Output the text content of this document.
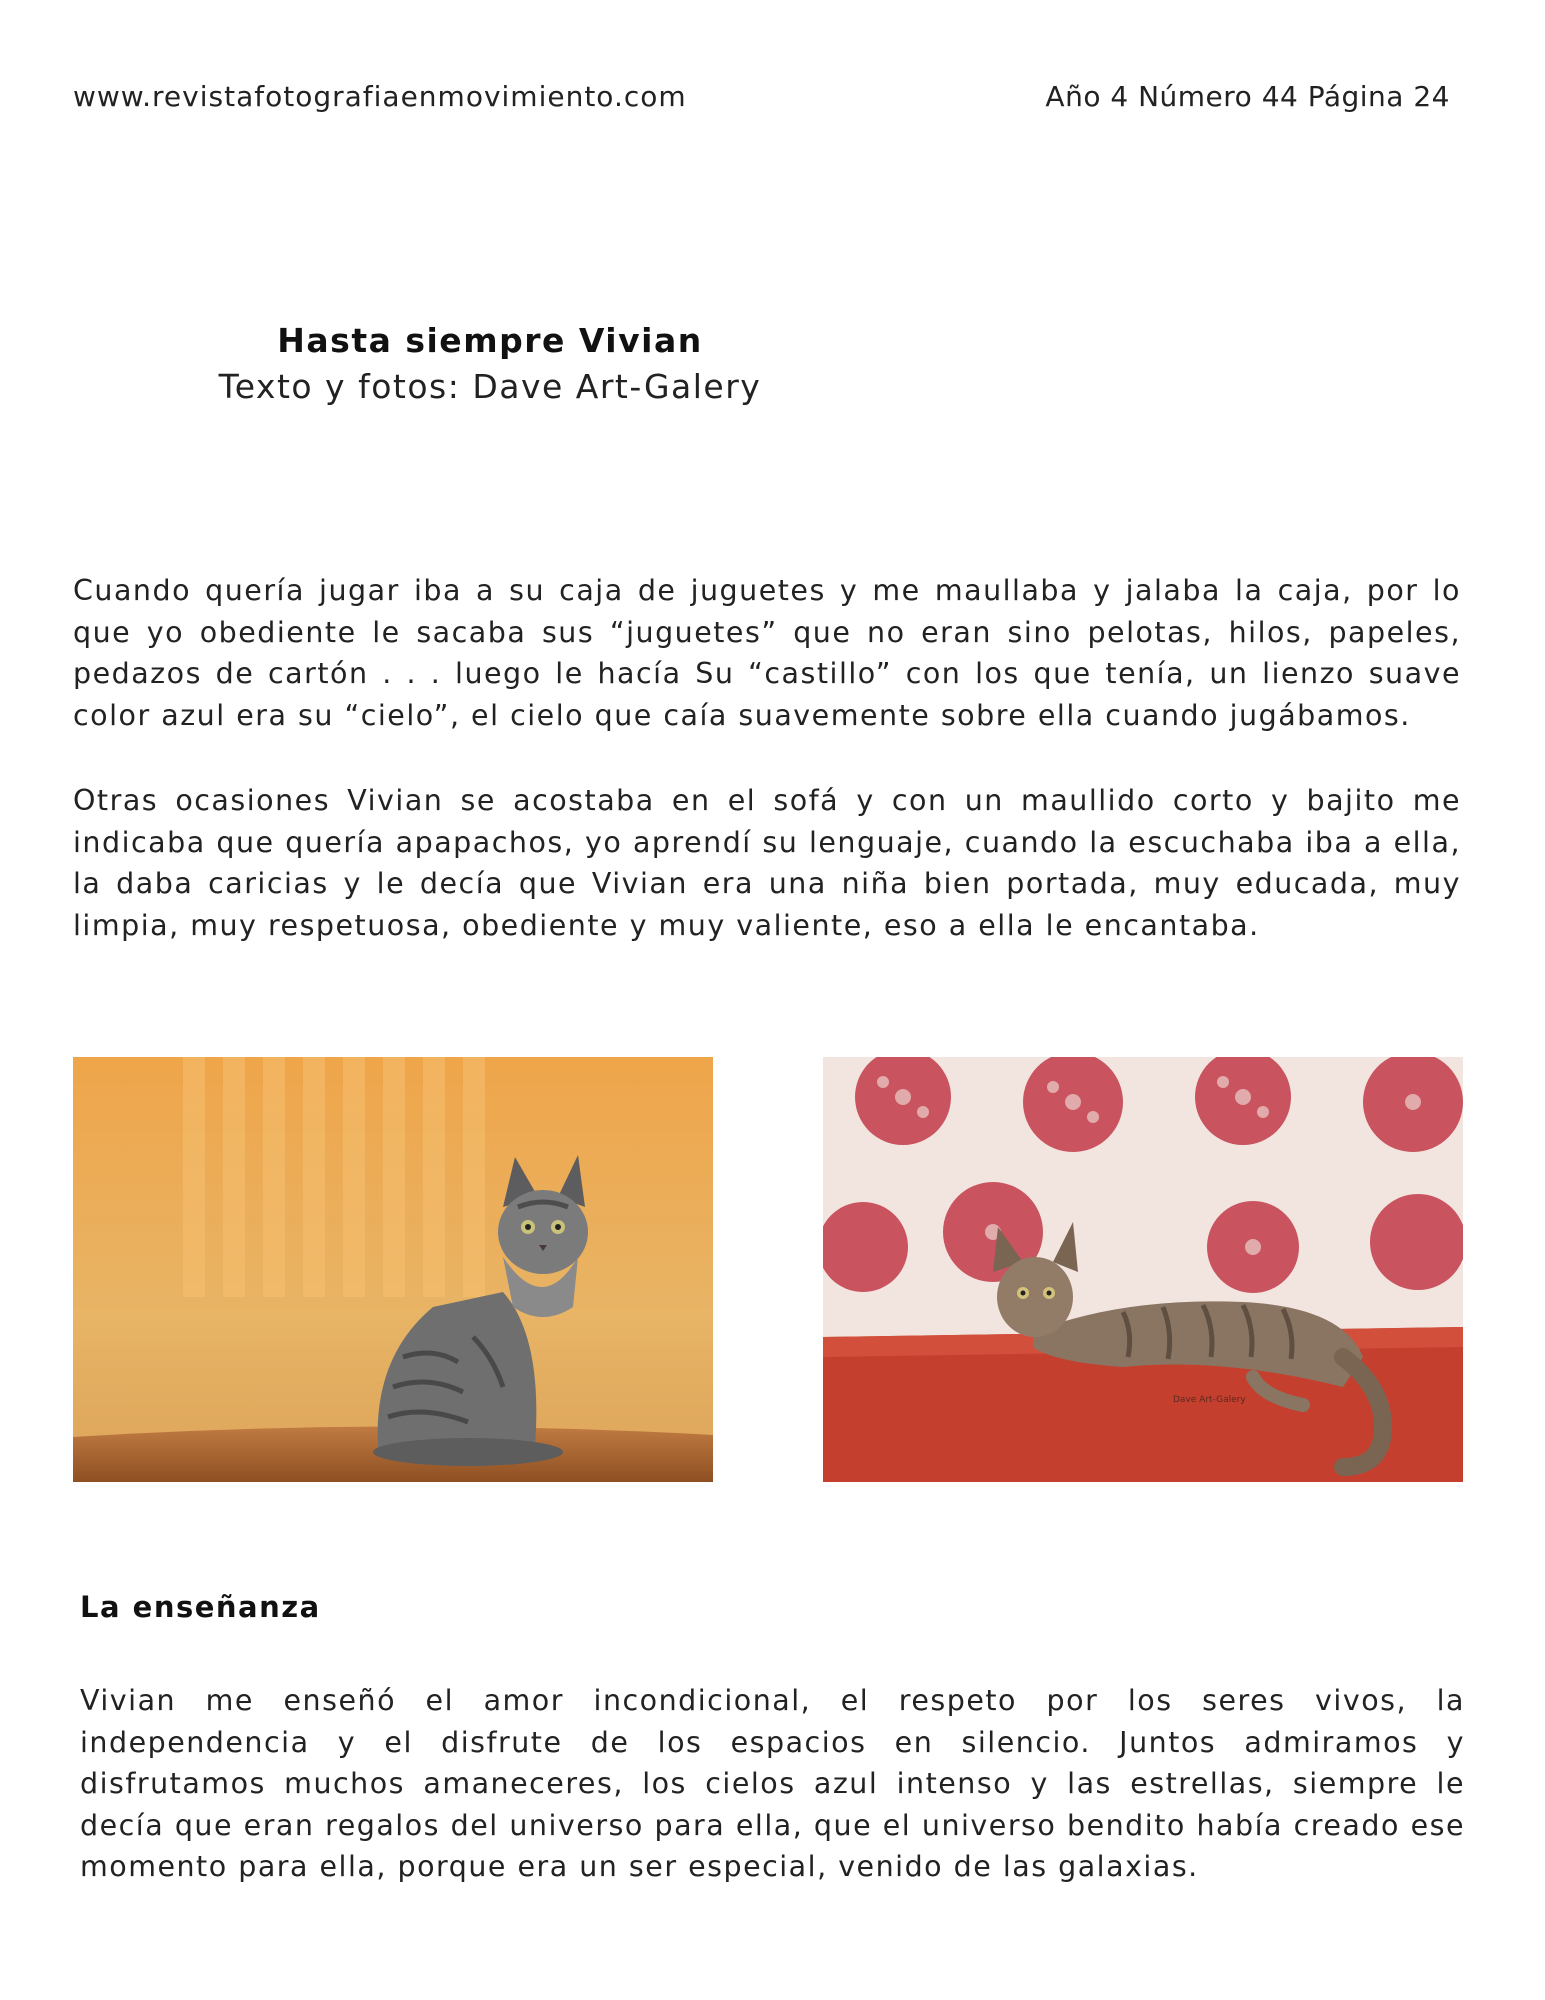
www.revistafotografiaenmovimiento.com	Año 4 Número 44 Página 24
Hasta siempre Vivian
Texto y fotos: Dave Art-Galery

Cuando quería jugar iba a su caja de juguetes y me maullaba y jalaba la caja, por lo que yo obediente le sacaba sus “juguetes” que no eran sino pelotas, hilos, papeles, pedazos de cartón . . . luego le hacía Su “castillo” con los que tenía, un lienzo suave color azul era su “cielo”, el cielo que caía suavemente sobre ella cuando jugábamos.

Otras ocasiones Vivian se acostaba en el sofá y con un maullido corto y bajito me indicaba que quería apapachos, yo aprendí su lenguaje, cuando la escuchaba iba a ella, la daba caricias y le decía que Vivian era una niña bien portada, muy educada, muy limpia, muy respetuosa, obediente y muy valiente, eso a ella le encantaba.

Dave Art-Galery
La enseñanza

Vivian me enseñó el amor incondicional, el respeto por los seres vivos, la independencia y el disfrute de los espacios en silencio. Juntos admiramos y disfrutamos muchos amaneceres, los cielos azul intenso y las estrellas, siempre le decía que eran regalos del universo para ella, que el universo bendito había creado ese momento para ella, porque era un ser especial, venido de las galaxias.
